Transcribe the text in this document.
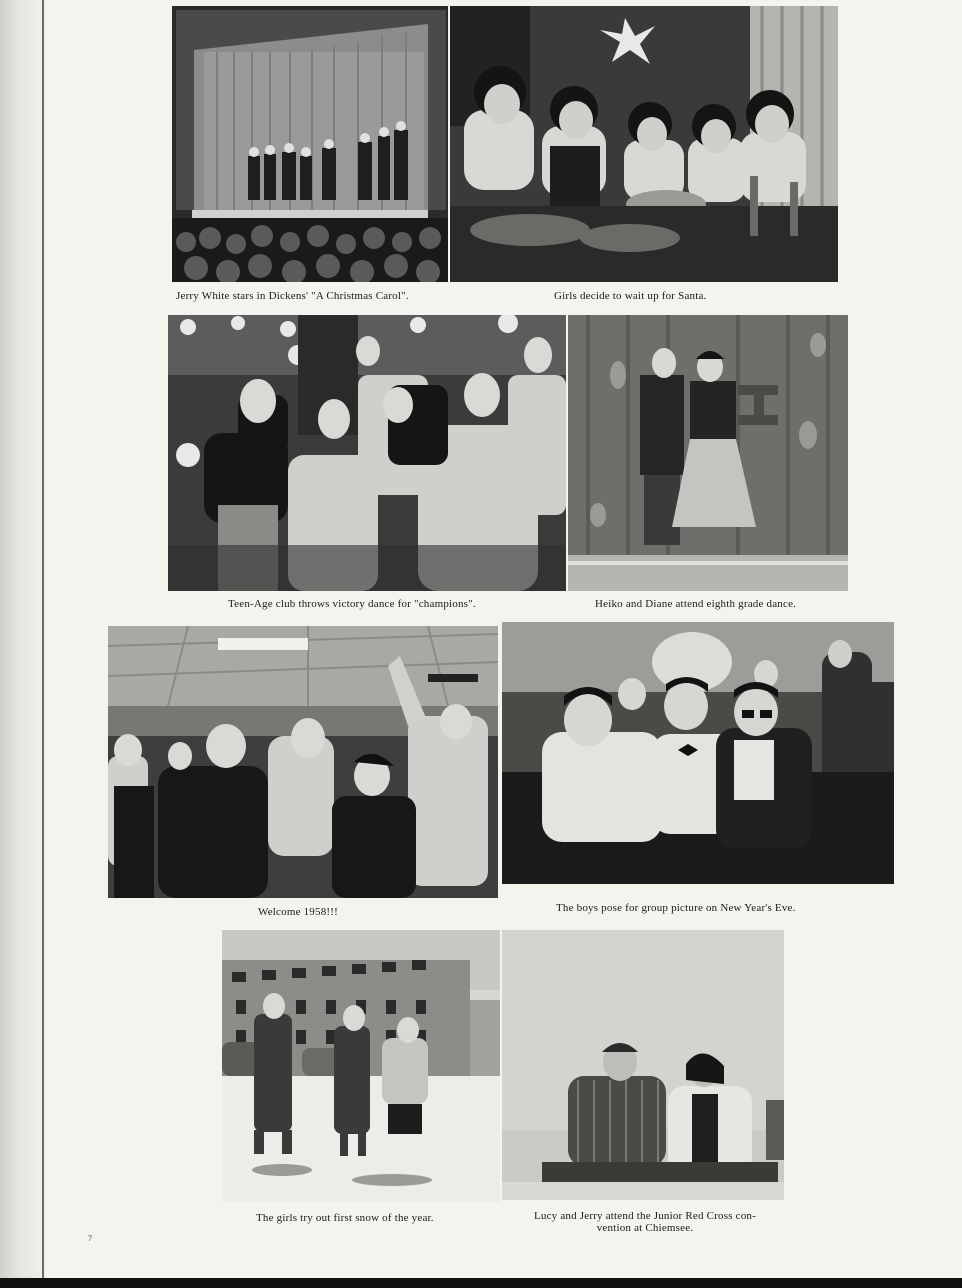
Jerry White stars in Dickens' "A Christmas Carol".	Girls decide to wait up for Santa.
Teen-Age club throws victory dance for "champions".	Heiko and Diane attend eighth grade dance.
Welcome 1958!!!	The boys pose for group picture on New Year's Eve.
The girls try out first snow of the year.	Lucy and Jerry attend the Junior Red Cross con-
vention at Chiemsee.
7
